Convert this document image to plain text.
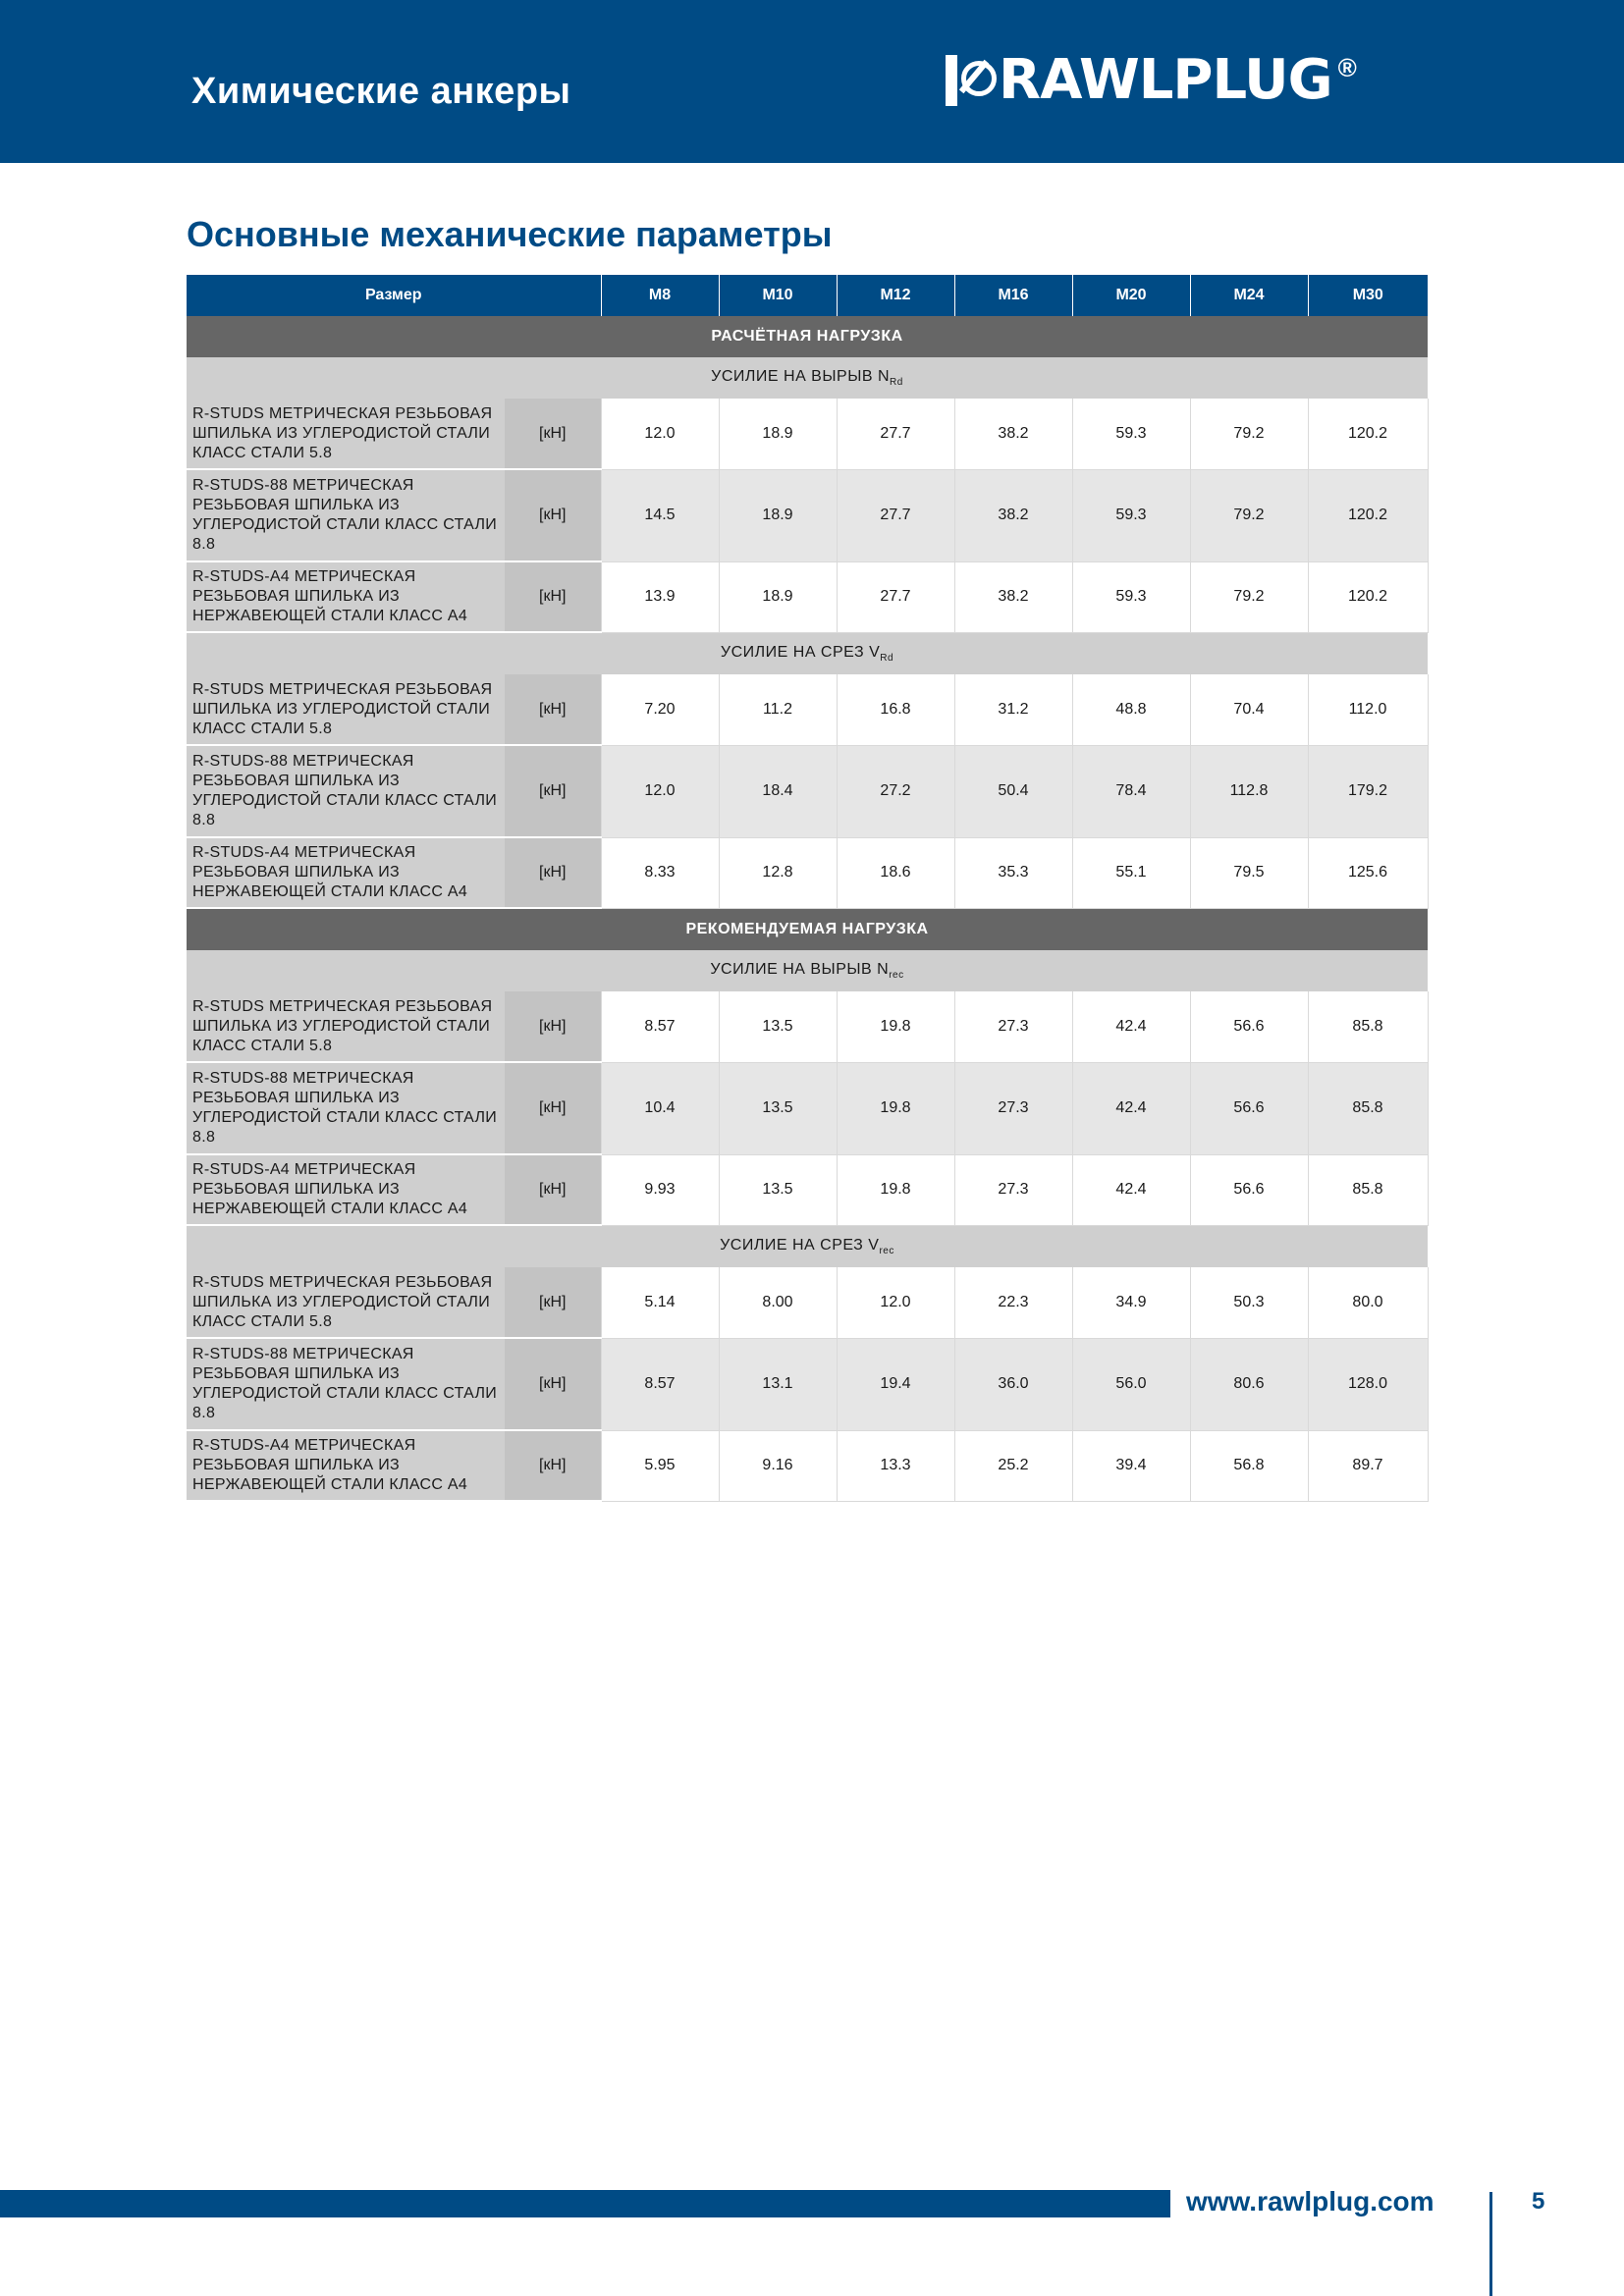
Химические анкеры	RAWLPLUG ®
Основные механические параметры
Размер		M8	M10	M12	M16	M20	M24	M30
РАСЧЁТНАЯ НАГРУЗКА								
УСИЛИЕ НА ВЫРЫВ $N_{Rd}$
R-STUDS МЕТРИЧЕСКАЯ РЕЗЬБОВАЯ ШПИЛЬКА ИЗ УГЛЕРОДИСТОЙ СТАЛИ КЛАСС СТАЛИ 5.8	[кН]	12.0	18.9	27.7	38.2	59.3	79.2	120.2
R-STUDS-88 МЕТРИЧЕСКАЯ РЕЗЬБОВАЯ ШПИЛЬКА ИЗ УГЛЕРОДИСТОЙ СТАЛИ КЛАСС СТАЛИ 8.8	[кН]	14.5	18.9	27.7	38.2	59.3	79.2	120.2
R-STUDS-A4 МЕТРИЧЕСКАЯ РЕЗЬБОВАЯ ШПИЛЬКА ИЗ НЕРЖАВЕЮЩЕЙ СТАЛИ КЛАСС А4	[кН]	13.9	18.9	27.7	38.2	59.3	79.2	120.2
УСИЛИЕ НА СРЕЗ $V_{Rd}$
R-STUDS МЕТРИЧЕСКАЯ РЕЗЬБОВАЯ ШПИЛЬКА ИЗ УГЛЕРОДИСТОЙ СТАЛИ КЛАСС СТАЛИ 5.8	[кН]	7.20	11.2	16.8	31.2	48.8	70.4	112.0
R-STUDS-88 МЕТРИЧЕСКАЯ РЕЗЬБОВАЯ ШПИЛЬКА ИЗ УГЛЕРОДИСТОЙ СТАЛИ КЛАСС СТАЛИ 8.8	[кН]	12.0	18.4	27.2	50.4	78.4	112.8	179.2
R-STUDS-A4 МЕТРИЧЕСКАЯ РЕЗЬБОВАЯ ШПИЛЬКА ИЗ НЕРЖАВЕЮЩЕЙ СТАЛИ КЛАСС А4	[кН]	8.33	12.8	18.6	35.3	55.1	79.5	125.6
РЕКОМЕНДУЕМАЯ НАГРУЗКА								
УСИЛИЕ НА ВЫРЫВ $N_{rec}$
R-STUDS МЕТРИЧЕСКАЯ РЕЗЬБОВАЯ ШПИЛЬКА ИЗ УГЛЕРОДИСТОЙ СТАЛИ КЛАСС СТАЛИ 5.8	[кН]	8.57	13.5	19.8	27.3	42.4	56.6	85.8
R-STUDS-88 МЕТРИЧЕСКАЯ РЕЗЬБОВАЯ ШПИЛЬКА ИЗ УГЛЕРОДИСТОЙ СТАЛИ КЛАСС СТАЛИ 8.8	[кН]	10.4	13.5	19.8	27.3	42.4	56.6	85.8
R-STUDS-A4 МЕТРИЧЕСКАЯ РЕЗЬБОВАЯ ШПИЛЬКА ИЗ НЕРЖАВЕЮЩЕЙ СТАЛИ КЛАСС А4	[кН]	9.93	13.5	19.8	27.3	42.4	56.6	85.8
УСИЛИЕ НА СРЕЗ $V_{rec}$
R-STUDS МЕТРИЧЕСКАЯ РЕЗЬБОВАЯ ШПИЛЬКА ИЗ УГЛЕРОДИСТОЙ СТАЛИ КЛАСС СТАЛИ 5.8	[кН]	5.14	8.00	12.0	22.3	34.9	50.3	80.0
R-STUDS-88 МЕТРИЧЕСКАЯ РЕЗЬБОВАЯ ШПИЛЬКА ИЗ УГЛЕРОДИСТОЙ СТАЛИ КЛАСС СТАЛИ 8.8	[кН]	8.57	13.1	19.4	36.0	56.0	80.6	128.0
R-STUDS-A4 МЕТРИЧЕСКАЯ РЕЗЬБОВАЯ ШПИЛЬКА ИЗ НЕРЖАВЕЮЩЕЙ СТАЛИ КЛАСС А4	[кН]	5.95	9.16	13.3	25.2	39.4	56.8	89.7
www.rawlplug.com	5
